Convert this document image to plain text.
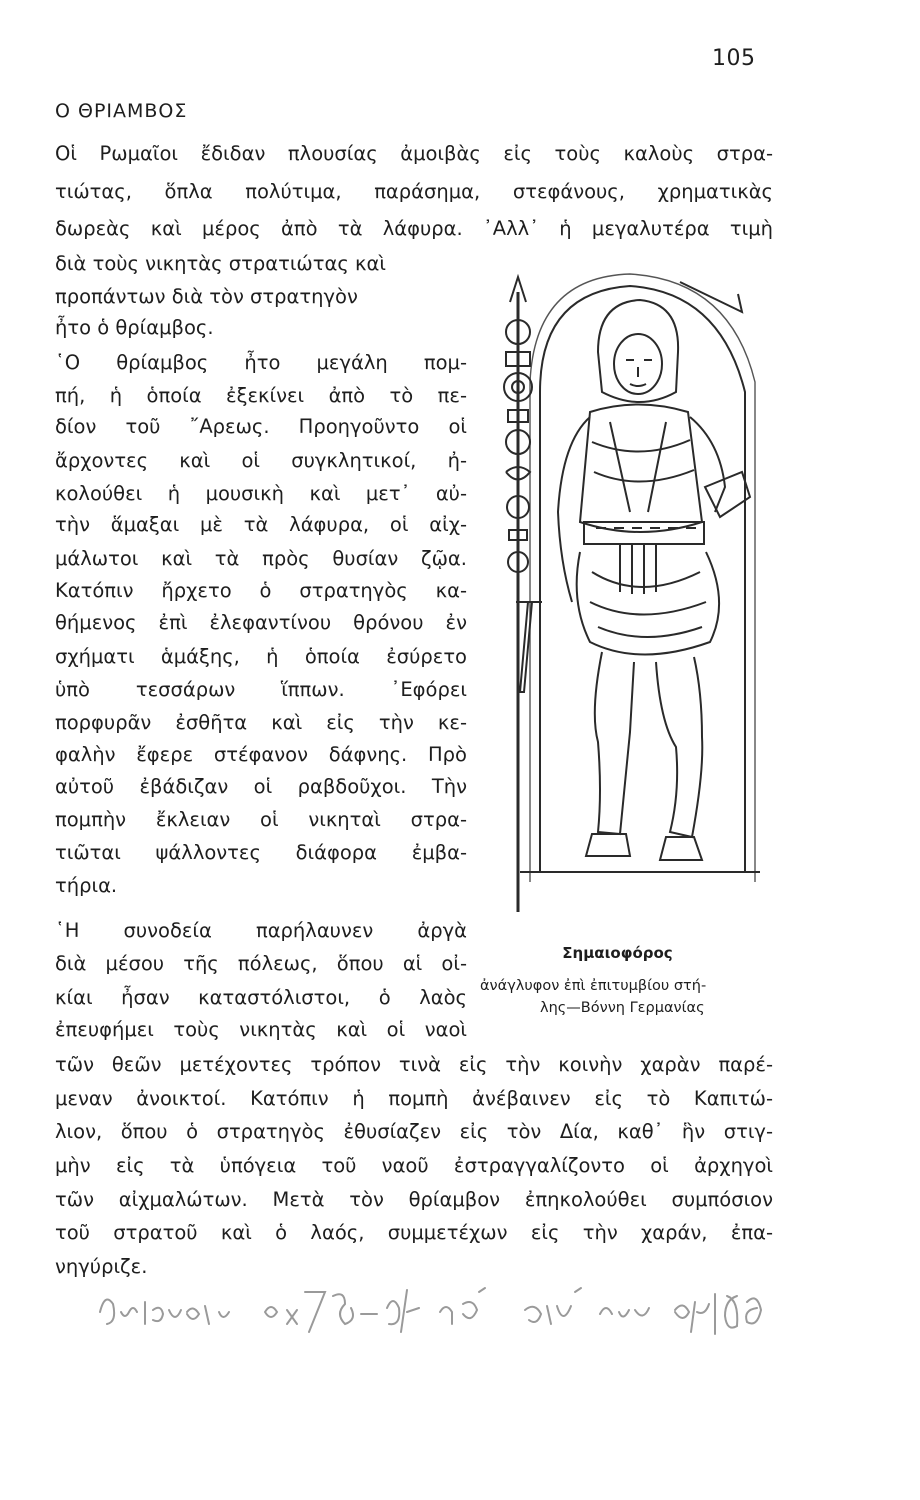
105
Ο ΘΡΙΑΜΒΟΣ
Οἱ Ρωμαῖοι ἔδιδαν πλουσίας ἀμοιβὰς εἰς τοὺς καλοὺς στρα-
τιώτας, ὅπλα πολύτιμα, παράσημα, στεφάνους, χρηματικὰς
δωρεὰς καὶ μέρος ἀπὸ τὰ λάφυρα. ᾿Αλλ᾽ ἡ μεγαλυτέρα τιμὴ
διὰ τοὺς νικητὰς στρατιώτας καὶ
προπάντων διὰ τὸν στρατηγὸν
ἦτο ὁ θρίαμβος.
῾Ο θρίαμβος ἦτο μεγάλη πομ-
πή, ἡ ὁποία ἐξεκίνει ἀπὸ τὸ πε-
δίον τοῦ ῎Αρεως. Προηγοῦντο οἱ
ἄρχοντες καὶ οἱ συγκλητικοί, ἠ-
κολούθει ἡ μουσικὴ καὶ μετ᾽ αὐ-
τὴν ἅμαξαι μὲ τὰ λάφυρα, οἱ αἰχ-
μάλωτοι καὶ τὰ πρὸς θυσίαν ζῷα.
Κατόπιν ἤρχετο ὁ στρατηγὸς κα-
θήμενος ἐπὶ ἐλεφαντίνου θρόνου ἐν
σχήματι ἁμάξης, ἡ ὁποία ἐσύρετο
ὑπὸ τεσσάρων ἵππων. ᾿Εφόρει
πορφυρᾶν ἐσθῆτα καὶ εἰς τὴν κε-
φαλὴν ἔφερε στέφανον δάφνης. Πρὸ
αὐτοῦ ἐβάδιζαν οἱ ραβδοῦχοι. Τὴν
πομπὴν ἔκλειαν οἱ νικηταὶ στρα-
τιῶται ψάλλοντες διάφορα ἐμβα-
τήρια.
῾Η συνοδεία παρήλαυνεν ἀργὰ
διὰ μέσου τῆς πόλεως, ὅπου αἱ οἰ-
κίαι ἦσαν καταστόλιστοι, ὁ λαὸς
ἐπευφήμει τοὺς νικητὰς καὶ οἱ ναοὶ
τῶν θεῶν μετέχοντες τρόπον τινὰ εἰς τὴν κοινὴν χαρὰν παρέ-
μεναν ἀνοικτοί. Κατόπιν ἡ πομπὴ ἀνέβαινεν εἰς τὸ Καπιτώ-
λιον, ὅπου ὁ στρατηγὸς ἐθυσίαζεν εἰς τὸν Δία, καθ᾽ ἣν στιγ-
μὴν εἰς τὰ ὑπόγεια τοῦ ναοῦ ἐστραγγαλίζοντο οἱ ἀρχηγοὶ
τῶν αἰχμαλώτων. Μετὰ τὸν θρίαμβον ἐπηκολούθει συμπόσιον
τοῦ στρατοῦ καὶ ὁ λαός, συμμετέχων εἰς τὴν χαράν, ἐπα-
νηγύριζε.
Σημαιοφόρος
ἀνάγλυφον ἐπὶ ἐπιτυμβίου στή-
λης—Βόννη Γερμανίας
